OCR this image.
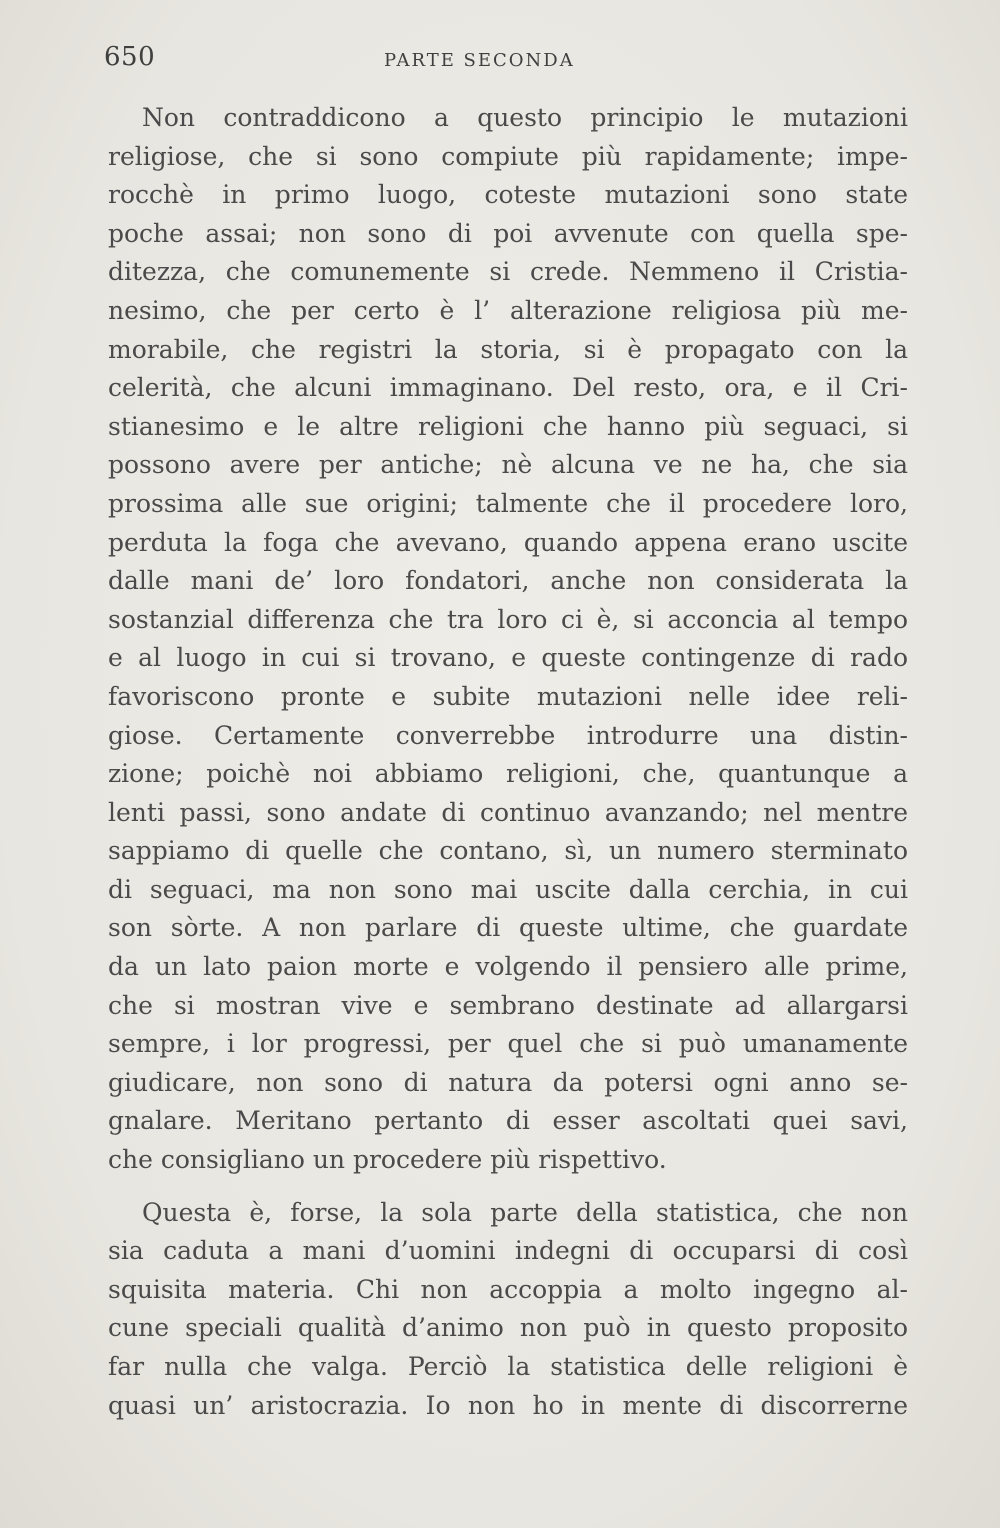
650	PARTE SECONDA
Non contraddicono a questo principio le mutazioni
religiose, che si sono compiute più rapidamente; impe-
rocchè in primo luogo, coteste mutazioni sono state
poche assai; non sono di poi avvenute con quella spe-
ditezza, che comunemente si crede. Nemmeno il Cristia-
nesimo, che per certo è l’ alterazione religiosa più me-
morabile, che registri la storia, si è propagato con la
celerità, che alcuni immaginano. Del resto, ora, e il Cri-
stianesimo e le altre religioni che hanno più seguaci, si
possono avere per antiche; nè alcuna ve ne ha, che sia
prossima alle sue origini; talmente che il procedere loro,
perduta la foga che avevano, quando appena erano uscite
dalle mani de’ loro fondatori, anche non considerata la
sostanzial differenza che tra loro ci è, si acconcia al tempo
e al luogo in cui si trovano, e queste contingenze di rado
favoriscono pronte e subite mutazioni nelle idee reli-
giose. Certamente converrebbe introdurre una distin-
zione; poichè noi abbiamo religioni, che, quantunque a
lenti passi, sono andate di continuo avanzando; nel mentre
sappiamo di quelle che contano, sì, un numero sterminato
di seguaci, ma non sono mai uscite dalla cerchia, in cui
son sòrte. A non parlare di queste ultime, che guardate
da un lato paion morte e volgendo il pensiero alle prime,
che si mostran vive e sembrano destinate ad allargarsi
sempre, i lor progressi, per quel che si può umanamente
giudicare, non sono di natura da potersi ogni anno se-
gnalare. Meritano pertanto di esser ascoltati quei savi,
che consigliano un procedere più rispettivo.
Questa è, forse, la sola parte della statistica, che non
sia caduta a mani d’uomini indegni di occuparsi di così
squisita materia. Chi non accoppia a molto ingegno al-
cune speciali qualità d’animo non può in questo proposito
far nulla che valga. Perciò la statistica delle religioni è
quasi un’ aristocrazia. Io non ho in mente di discorrerne
